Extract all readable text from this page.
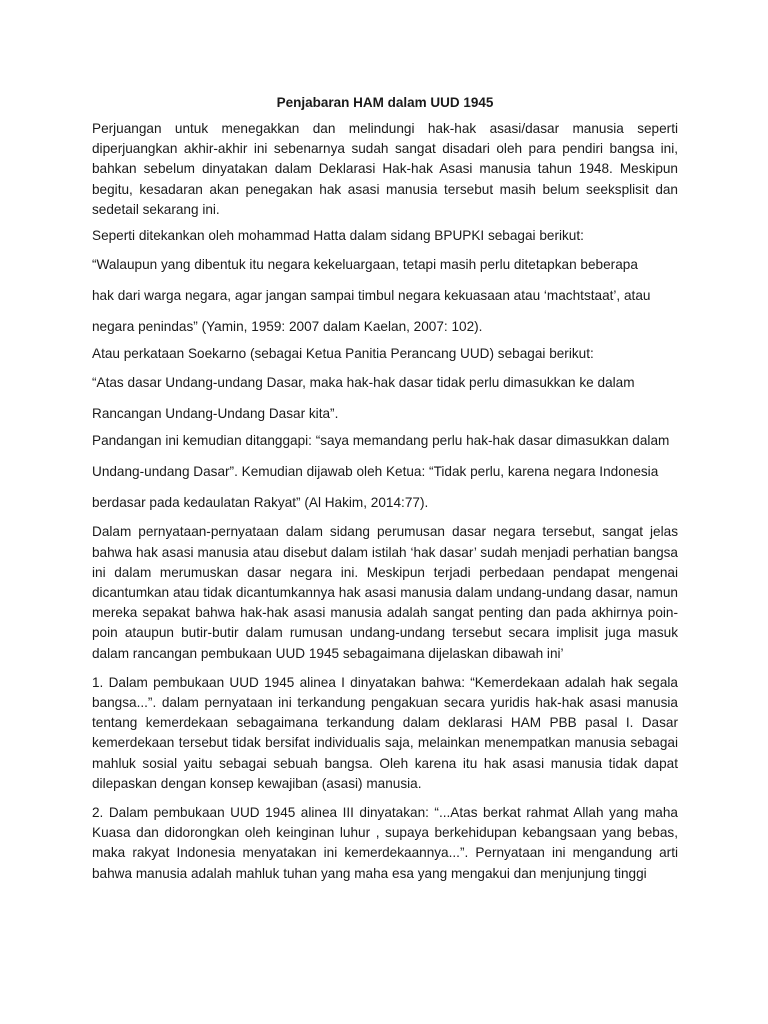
Penjabaran HAM dalam UUD 1945

Perjuangan untuk menegakkan dan melindungi hak-hak asasi/dasar manusia seperti diperjuangkan akhir-akhir ini sebenarnya sudah sangat disadari oleh para pendiri bangsa ini, bahkan sebelum dinyatakan dalam Deklarasi Hak-hak Asasi manusia tahun 1948. Meskipun begitu, kesadaran akan penegakan hak asasi manusia tersebut masih belum seeksplisit dan sedetail sekarang ini.

Seperti ditekankan oleh mohammad Hatta dalam sidang BPUPKI sebagai berikut:

“Walaupun yang dibentuk itu negara kekeluargaan, tetapi masih perlu ditetapkan beberapa
hak dari warga negara, agar jangan sampai timbul negara kekuasaan atau ‘machtstaat’, atau
negara penindas” (Yamin, 1959: 2007 dalam Kaelan, 2007: 102).

Atau perkataan Soekarno (sebagai Ketua Panitia Perancang UUD) sebagai berikut:

“Atas dasar Undang-undang Dasar, maka hak-hak dasar tidak perlu dimasukkan ke dalam
Rancangan Undang-Undang Dasar kita”.
Pandangan ini kemudian ditanggapi: “saya memandang perlu hak-hak dasar dimasukkan dalam
Undang-undang Dasar”. Kemudian dijawab oleh Ketua: “Tidak perlu, karena negara Indonesia
berdasar pada kedaulatan Rakyat” (Al Hakim, 2014:77).

Dalam pernyataan-pernyataan dalam sidang perumusan dasar negara tersebut, sangat jelas bahwa hak asasi manusia atau disebut dalam istilah ‘hak dasar’ sudah menjadi perhatian bangsa ini dalam merumuskan dasar negara ini. Meskipun terjadi perbedaan pendapat mengenai dicantumkan atau tidak dicantumkannya hak asasi manusia dalam undang-undang dasar, namun mereka sepakat bahwa hak-hak asasi manusia adalah sangat penting dan pada akhirnya poin-poin ataupun butir-butir dalam rumusan undang-undang tersebut secara implisit juga masuk dalam rancangan pembukaan UUD 1945 sebagaimana dijelaskan dibawah ini’

1. Dalam pembukaan UUD 1945 alinea I dinyatakan bahwa: “Kemerdekaan adalah hak segala bangsa...”. dalam pernyataan ini terkandung pengakuan secara yuridis hak-hak asasi manusia tentang kemerdekaan sebagaimana terkandung dalam deklarasi HAM PBB pasal I. Dasar kemerdekaan tersebut tidak bersifat individualis saja, melainkan menempatkan manusia sebagai mahluk sosial yaitu sebagai sebuah bangsa. Oleh karena itu hak asasi manusia tidak dapat dilepaskan dengan konsep kewajiban (asasi) manusia.

2. Dalam pembukaan UUD 1945 alinea III dinyatakan: “...Atas berkat rahmat Allah yang maha Kuasa dan didorongkan oleh keinginan luhur , supaya berkehidupan kebangsaan yang bebas, maka rakyat Indonesia menyatakan ini kemerdekaannya...”. Pernyataan ini mengandung arti bahwa manusia adalah mahluk tuhan yang maha esa yang mengakui dan menjunjung tinggi
